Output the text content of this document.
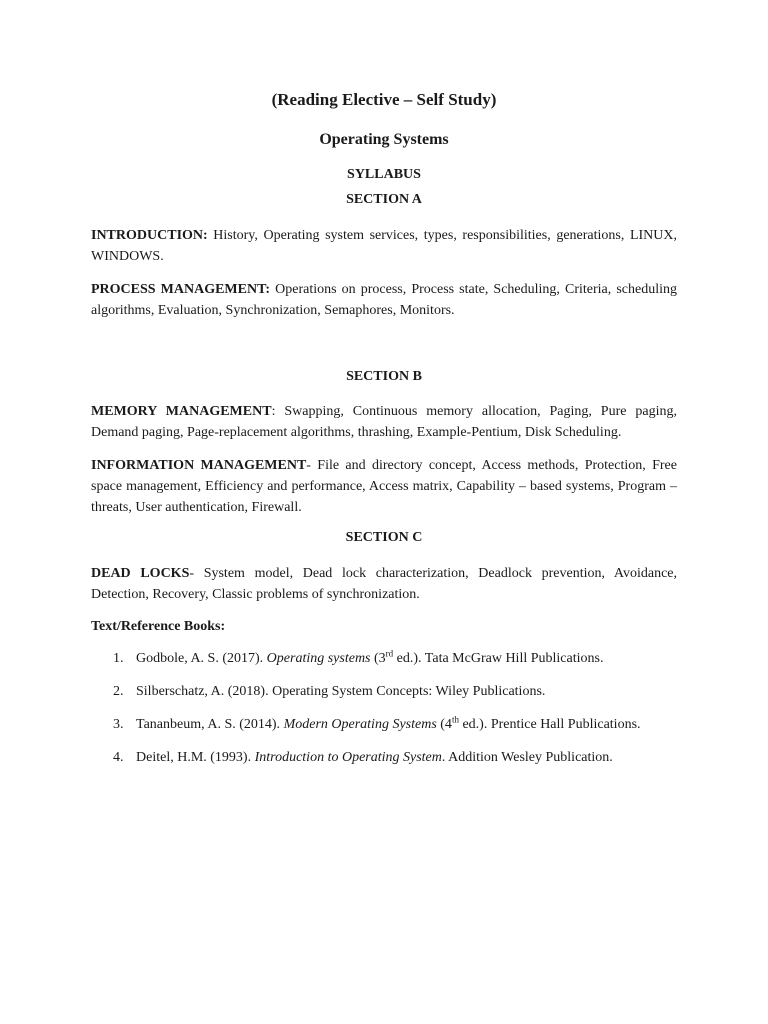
(Reading Elective – Self Study)

Operating Systems

SYLLABUS

SECTION A

INTRODUCTION: History, Operating system services, types, responsibilities, generations, LINUX, WINDOWS.

PROCESS MANAGEMENT: Operations on process, Process state, Scheduling, Criteria, scheduling algorithms, Evaluation, Synchronization, Semaphores, Monitors.

SECTION B

MEMORY MANAGEMENT: Swapping, Continuous memory allocation, Paging, Pure paging, Demand paging, Page-replacement algorithms, thrashing, Example-Pentium, Disk Scheduling.

INFORMATION MANAGEMENT- File and directory concept, Access methods, Protection, Free space management, Efficiency and performance, Access matrix, Capability – based systems, Program – threats, User authentication, Firewall.

SECTION C

DEAD LOCKS- System model, Dead lock characterization, Deadlock prevention, Avoidance, Detection, Recovery, Classic problems of synchronization.

Text/Reference Books:

1. Godbole, A. S. (2017). Operating systems (3rd ed.). Tata McGraw Hill Publications.
2. Silberschatz, A. (2018). Operating System Concepts: Wiley Publications.
3. Tananbeum, A. S. (2014). Modern Operating Systems (4th ed.). Prentice Hall Publications.
4. Deitel, H.M. (1993). Introduction to Operating System. Addition Wesley Publication.
